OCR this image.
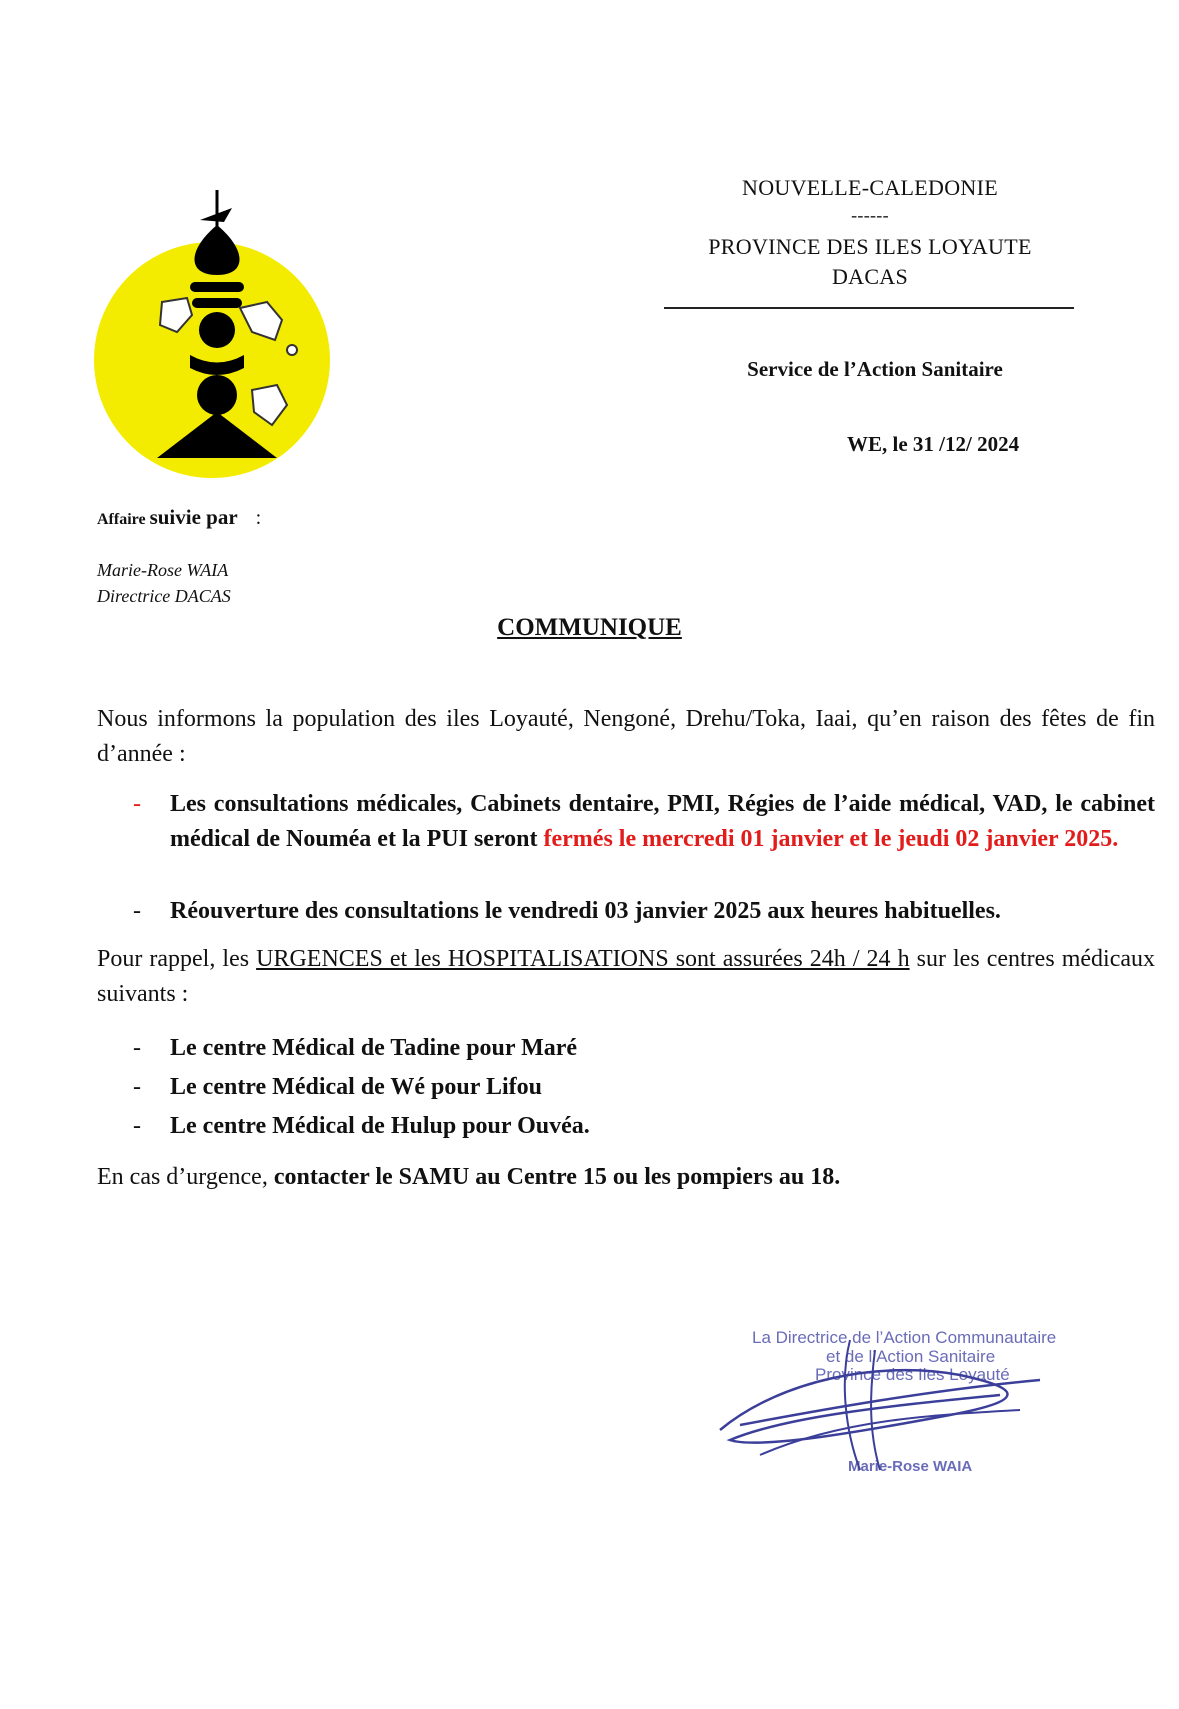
NOUVELLE-CALEDONIE
------
PROVINCE DES ILES LOYAUTE
DACAS
Service de l’Action Sanitaire
WE, le 31 /12/ 2024
Affaire suivie par :
Marie-Rose WAIA
Directrice DACAS
COMMUNIQUE
Nous informons la population des iles Loyauté, Nengoné, Drehu/Toka, Iaai, qu’en raison des fêtes de fin d’année :
- Les consultations médicales, Cabinets dentaire, PMI, Régies de l’aide médical, VAD, le cabinet médical de Nouméa et la PUI seront fermés le mercredi 01 janvier et le jeudi 02 janvier 2025.
- Réouverture des consultations le vendredi 03 janvier 2025 aux heures habituelles.
Pour rappel, les URGENCES et les HOSPITALISATIONS sont assurées 24h / 24 h sur les centres médicaux suivants :
- Le centre Médical de Tadine pour Maré
- Le centre Médical de Wé pour Lifou
- Le centre Médical de Hulup pour Ouvéa.
En cas d’urgence, contacter le SAMU au Centre 15 ou les pompiers au 18.
La Directrice de l’Action Communautaire
et de l’Action Sanitaire
Province des Iles Loyauté
Marie-Rose WAIA
